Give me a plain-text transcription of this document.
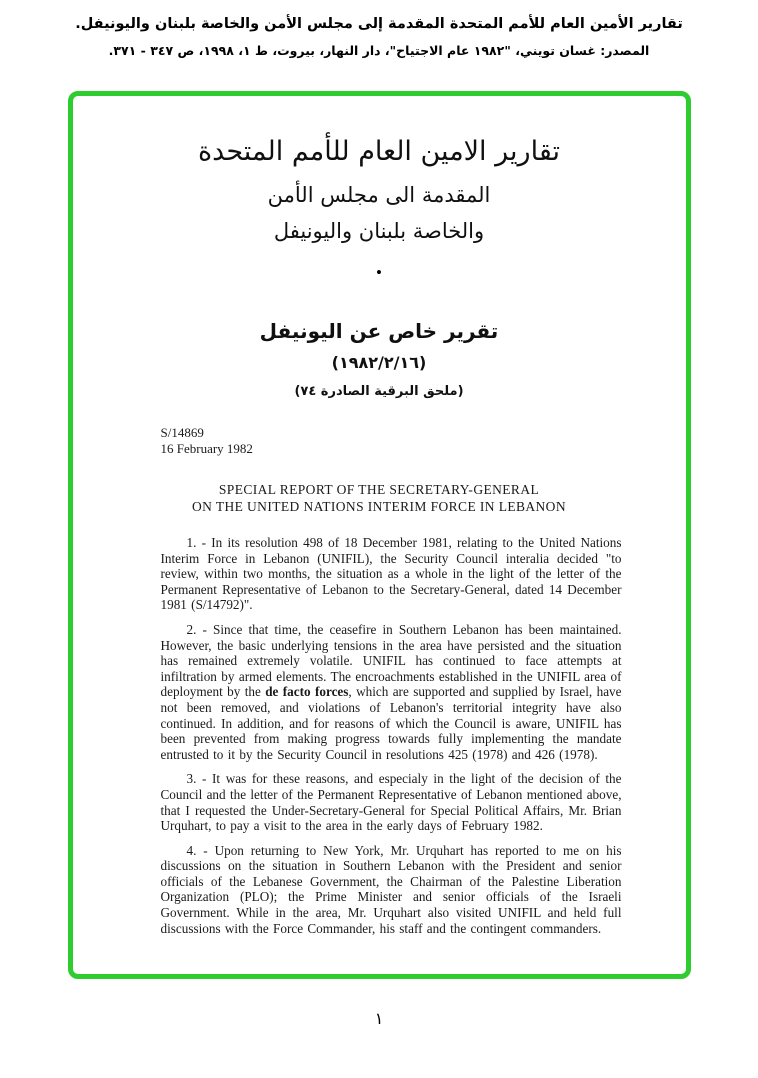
تقارير الأمين العام للأمم المتحدة المقدمة إلى مجلس الأمن والخاصة بلبنان واليونيفل.
المصدر: غسان تويني، "١٩٨٢ عام الاجتياح"، دار النهار، بيروت، ط ١، ١٩٩٨، ص ٣٤٧ - ٣٧١.
تقارير الامين العام للأمم المتحدة
المقدمة الى مجلس الأمن
والخاصة بلبنان واليونيفل
•
تقرير خاص عن اليونيفل
(١٩٨٢/٢/١٦)
(ملحق البرقية الصادرة ٧٤)
S/14869
16 February 1982
SPECIAL REPORT OF THE SECRETARY-GENERAL
ON THE UNITED NATIONS INTERIM FORCE IN LEBANON

1. - In its resolution 498 of 18 December 1981, relating to the United Nations Interim Force in Lebanon (UNIFIL), the Security Council interalia decided "to review, within two months, the situation as a whole in the light of the letter of the Permanent Representative of Lebanon to the Secretary-General, dated 14 December 1981 (S/14792)".

2. - Since that time, the ceasefire in Southern Lebanon has been maintained. However, the basic underlying tensions in the area have persisted and the situation has remained extremely volatile. UNIFIL has continued to face attempts at infiltration by armed elements. The encroachments established in the UNIFIL area of deployment by the de facto forces, which are supported and supplied by Israel, have not been removed, and violations of Lebanon's territorial integrity have also continued. In addition, and for reasons of which the Council is aware, UNIFIL has been prevented from making progress towards fully implementing the mandate entrusted to it by the Security Council in resolutions 425 (1978) and 426 (1978).

3. - It was for these reasons, and especialy in the light of the decision of the Council and the letter of the Permanent Representative of Lebanon mentioned above, that I requested the Under-Secretary-General for Special Political Affairs, Mr. Brian Urquhart, to pay a visit to the area in the early days of February 1982.

4. - Upon returning to New York, Mr. Urquhart has reported to me on his discussions on the situation in Southern Lebanon with the President and senior officials of the Lebanese Government, the Chairman of the Palestine Liberation Organization (PLO); the Prime Minister and senior officials of the Israeli Government. While in the area, Mr. Urquhart also visited UNIFIL and held full discussions with the Force Commander, his staff and the contingent commanders.

١
